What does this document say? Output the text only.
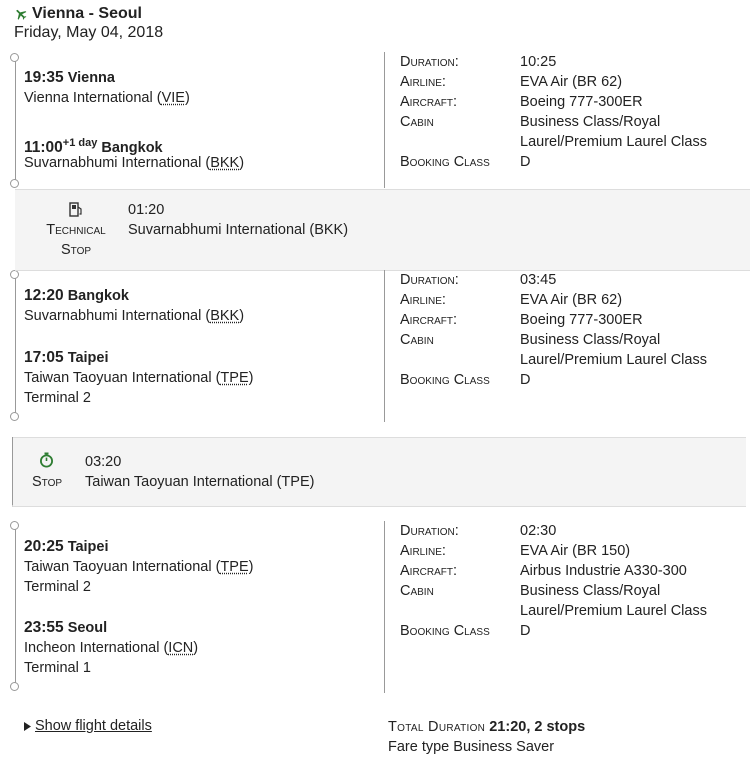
Vienna - Seoul
Friday, May 04, 2018
19:35 Vienna
Vienna International (VIE)
$11:00^{+1 day}$ Bangkok
Suvarnabhumi International (BKK)
Duration:	10:25
Airline:	EVA Air (BR 62)
Aircraft:	Boeing 777-300ER
Cabin	Business Class/Royal
Laurel/Premium Laurel Class
Booking Class D
Technical
Stop
01:20
Suvarnabhumi International (BKK)
12:20 Bangkok
Suvarnabhumi International (BKK)
17:05 Taipei
Taiwan Taoyuan International (TPE)
Terminal 2
Duration:	03:45
Airline:	EVA Air (BR 62)
Aircraft:	Boeing 777-300ER
Cabin	Business Class/Royal
Laurel/Premium Laurel Class
Booking Class D
Stop
03:20
Taiwan Taoyuan International (TPE)
20:25 Taipei
Taiwan Taoyuan International (TPE)
Terminal 2
23:55 Seoul
Incheon International (ICN)
Terminal 1
Duration:	02:30
Airline:	EVA Air (BR 150)
Aircraft:	Airbus Industrie A330-300
Cabin	Business Class/Royal
Laurel/Premium Laurel Class
Booking Class D
Show flight details	Total Duration 21:20, 2 stops
Fare type Business Saver
